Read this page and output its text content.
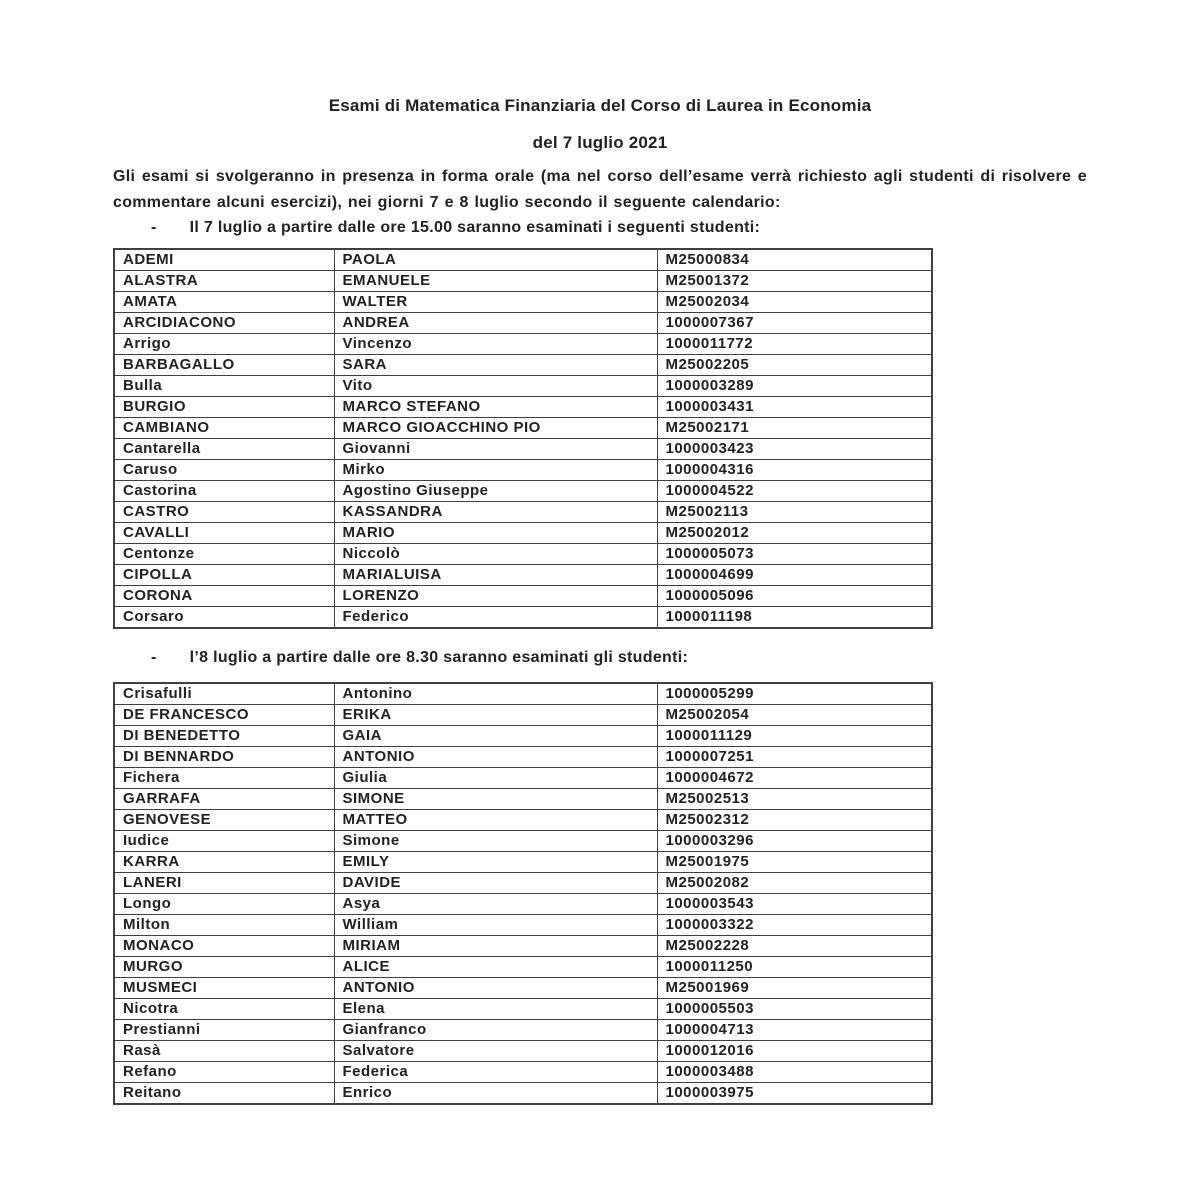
Esami di Matematica Finanziaria del Corso di Laurea in Economia
del 7 luglio 2021

Gli esami si svolgeranno in presenza in forma orale (ma nel corso dell’esame verrà richiesto agli studenti di risolvere e commentare alcuni esercizi), nei giorni 7 e 8 luglio secondo il seguente calendario:

- Il 7 luglio a partire dalle ore 15.00 saranno esaminati i seguenti studenti:
ADEMI	PAOLA	M25000834
ALASTRA	EMANUELE	M25001372
AMATA	WALTER	M25002034
ARCIDIACONO	ANDREA	1000007367
Arrigo	Vincenzo	1000011772
BARBAGALLO	SARA	M25002205
Bulla	Vito	1000003289
BURGIO	MARCO STEFANO	1000003431
CAMBIANO	MARCO GIOACCHINO PIO	M25002171
Cantarella	Giovanni	1000003423
Caruso	Mirko	1000004316
Castorina	Agostino Giuseppe	1000004522
CASTRO	KASSANDRA	M25002113
CAVALLI	MARIO	M25002012
Centonze	Niccolò	1000005073
CIPOLLA	MARIALUISA	1000004699
CORONA	LORENZO	1000005096
Corsaro	Federico	1000011198
- l’8 luglio a partire dalle ore 8.30 saranno esaminati gli studenti:
Crisafulli	Antonino	1000005299
DE FRANCESCO	ERIKA	M25002054
DI BENEDETTO	GAIA	1000011129
DI BENNARDO	ANTONIO	1000007251
Fichera	Giulia	1000004672
GARRAFA	SIMONE	M25002513
GENOVESE	MATTEO	M25002312
Iudice	Simone	1000003296
KARRA	EMILY	M25001975
LANERI	DAVIDE	M25002082
Longo	Asya	1000003543
Milton	William	1000003322
MONACO	MIRIAM	M25002228
MURGO	ALICE	1000011250
MUSMECI	ANTONIO	M25001969
Nicotra	Elena	1000005503
Prestianni	Gianfranco	1000004713
Rasà	Salvatore	1000012016
Refano	Federica	1000003488
Reitano	Enrico	1000003975
